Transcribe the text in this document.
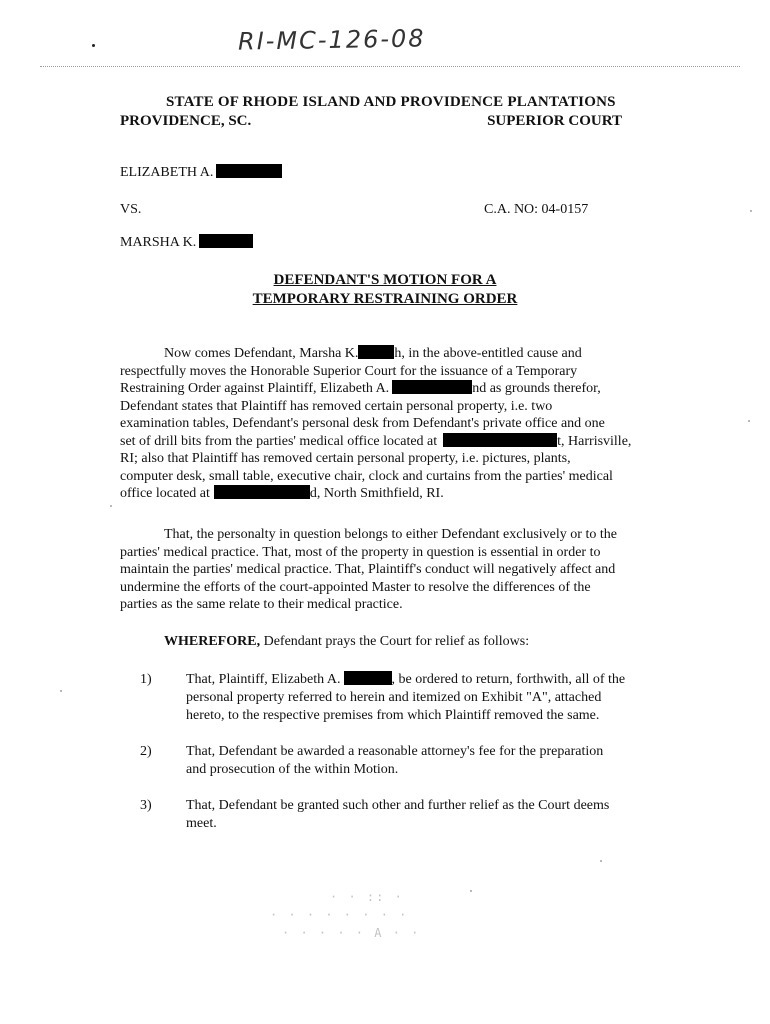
RI-MC-126-08
STATE OF RHODE ISLAND AND PROVIDENCE PLANTATIONS
PROVIDENCE, SC.	SUPERIOR COURT
ELIZABETH A.
VS.	C.A. NO: 04-0157
MARSHA K.
DEFENDANT'S MOTION FOR A
TEMPORARY RESTRAINING ORDER
Now comes Defendant, Marsha K.	h, in the above-entitled cause and
respectfully moves the Honorable Superior Court for the issuance of a Temporary
Restraining Order against Plaintiff, Elizabeth A.	nd as grounds therefor,
Defendant states that Plaintiff has removed certain personal property, i.e. two
examination tables, Defendant's personal desk from Defendant's private office and one
set of drill bits from the parties' medical office located at	t, Harrisville,
RI; also that Plaintiff has removed certain personal property, i.e. pictures, plants,
computer desk, small table, executive chair, clock and curtains from the parties' medical
office located at	d, North Smithfield, RI.
That, the personalty in question belongs to either Defendant exclusively or to the
parties' medical practice. That, most of the property in question is essential in order to
maintain the parties' medical practice. That, Plaintiff's conduct will negatively affect and
undermine the efforts of the court-appointed Master to resolve the differences of the
parties as the same relate to their medical practice.
WHEREFORE, Defendant prays the Court for relief as follows:
1) That, Plaintiff, Elizabeth A.	, be ordered to return, forthwith, all of the
personal property referred to herein and itemized on Exhibit "A", attached
hereto, to the respective premises from which Plaintiff removed the same.
2) That, Defendant be awarded a reasonable attorney's fee for the preparation
and prosecution of the within Motion.
3) That, Defendant be granted such other and further relief as the Court deems
meet.
· · :: ·
· · · · · · · ·
· · · · · A · ·
